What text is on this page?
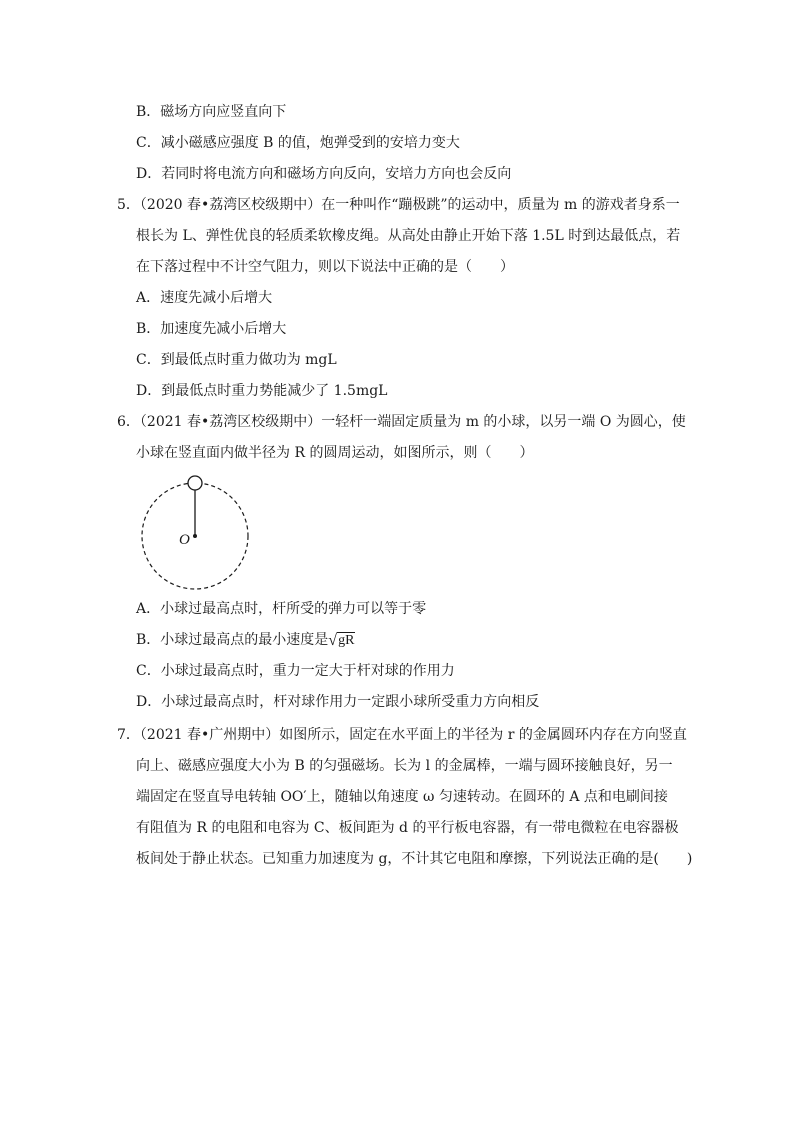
B．磁场方向应竖直向下
C．减小磁感应强度 B 的值，炮弹受到的安培力变大
D．若同时将电流方向和磁场方向反向，安培力方向也会反向
5．（2020 春•荔湾区校级期中）在一种叫作“蹦极跳”的运动中，质量为 m 的游戏者身系一
根长为 L、弹性优良的轻质柔软橡皮绳。从高处由静止开始下落 1.5L 时到达最低点，若
在下落过程中不计空气阻力，则以下说法中正确的是（　　）
A．速度先减小后增大
B．加速度先减小后增大
C．到最低点时重力做功为 mgL
D．到最低点时重力势能减少了 1.5mgL
6．（2021 春•荔湾区校级期中）一轻杆一端固定质量为 m 的小球，以另一端 O 为圆心，使
小球在竖直面内做半径为 R 的圆周运动，如图所示，则（　　）
O
A．小球过最高点时，杆所受的弹力可以等于零
B．小球过最高点的最小速度是√gR
C．小球过最高点时，重力一定大于杆对球的作用力
D．小球过最高点时，杆对球作用力一定跟小球所受重力方向相反
7．（2021 春•广州期中）如图所示，固定在水平面上的半径为 r 的金属圆环内存在方向竖直
向上、磁感应强度大小为 B 的匀强磁场。长为 l 的金属棒，一端与圆环接触良好，另一
端固定在竖直导电转轴 OO′上，随轴以角速度 ω 匀速转动。在圆环的 A 点和电刷间接
有阻值为 R 的电阻和电容为 C、板间距为 d 的平行板电容器，有一带电微粒在电容器极
板间处于静止状态。已知重力加速度为 g，不计其它电阻和摩擦，下列说法正确的是(　　)
